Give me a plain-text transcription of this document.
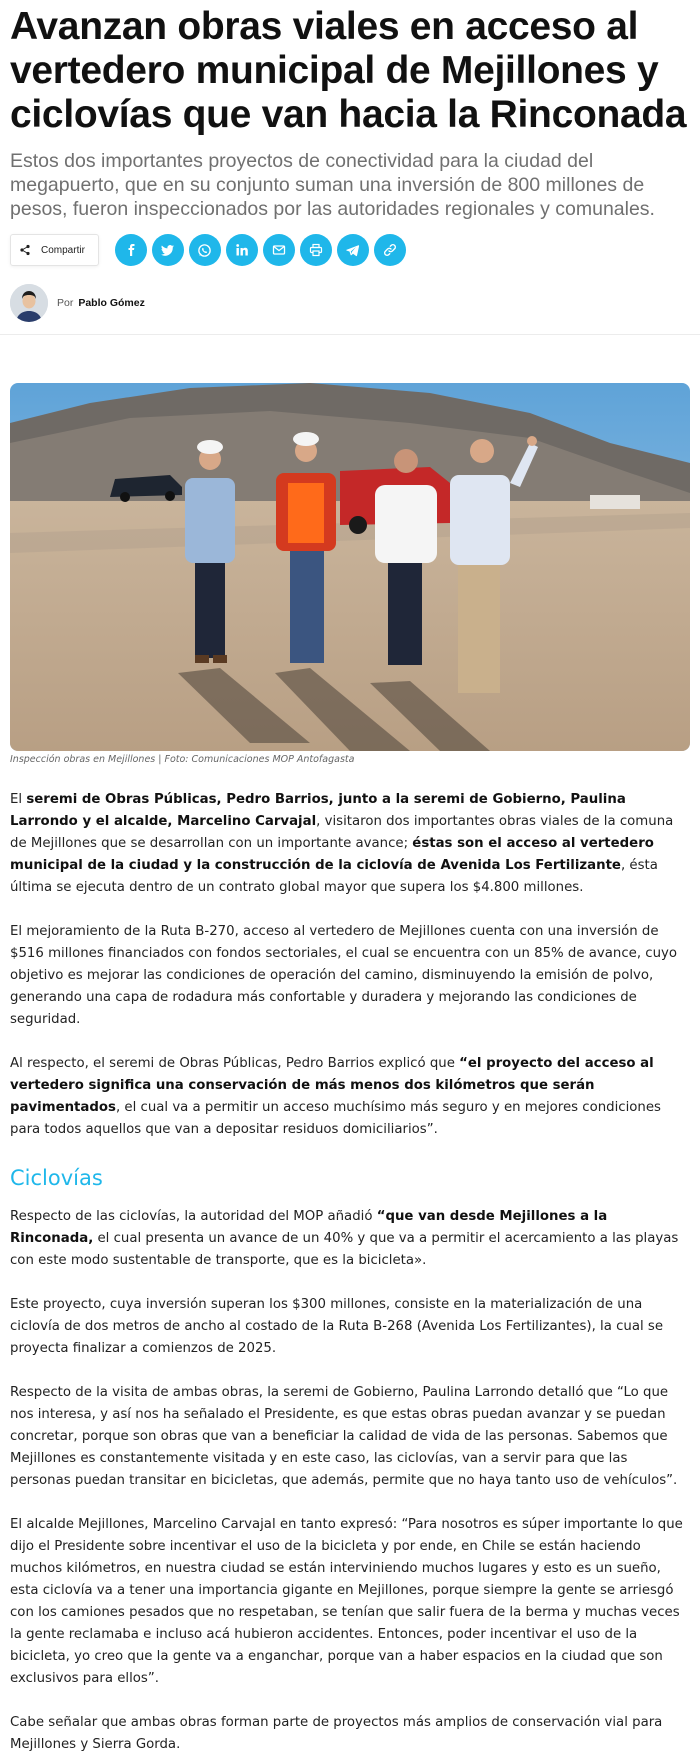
Avanzan obras viales en acceso al vertedero municipal de Mejillones y ciclovías que van hacia la Rinconada

Estos dos importantes proyectos de conectividad para la ciudad del megapuerto, que en su conjunto suman una inversión de 800 millones de pesos, fueron inspeccionados por las autoridades regionales y comunales.

Compartir
Por Pablo Gómez
Inspección obras en Mejillones | Foto: Comunicaciones MOP Antofagasta

El seremi de Obras Públicas, Pedro Barrios, junto a la seremi de Gobierno, Paulina Larrondo y el alcalde, Marcelino Carvajal, visitaron dos importantes obras viales de la comuna de Mejillones que se desarrollan con un importante avance; éstas son el acceso al vertedero municipal de la ciudad y la construcción de la ciclovía de Avenida Los Fertilizante, ésta última se ejecuta dentro de un contrato global mayor que supera los $4.800 millones.

El mejoramiento de la Ruta B-270, acceso al vertedero de Mejillones cuenta con una inversión de $516 millones financiados con fondos sectoriales, el cual se encuentra con un 85% de avance, cuyo objetivo es mejorar las condiciones de operación del camino, disminuyendo la emisión de polvo, generando una capa de rodadura más confortable y duradera y mejorando las condiciones de seguridad.

Al respecto, el seremi de Obras Públicas, Pedro Barrios explicó que “el proyecto del acceso al vertedero significa una conservación de más menos dos kilómetros que serán pavimentados, el cual va a permitir un acceso muchísimo más seguro y en mejores condiciones para todos aquellos que van a depositar residuos domiciliarios”.

Ciclovías

Respecto de las ciclovías, la autoridad del MOP añadió “que van desde Mejillones a la Rinconada, el cual presenta un avance de un 40% y que va a permitir el acercamiento a las playas con este modo sustentable de transporte, que es la bicicleta».

Este proyecto, cuya inversión superan los $300 millones, consiste en la materialización de una ciclovía de dos metros de ancho al costado de la Ruta B-268 (Avenida Los Fertilizantes), la cual se proyecta finalizar a comienzos de 2025.

Respecto de la visita de ambas obras, la seremi de Gobierno, Paulina Larrondo detalló que “Lo que nos interesa, y así nos ha señalado el Presidente, es que estas obras puedan avanzar y se puedan concretar, porque son obras que van a beneficiar la calidad de vida de las personas. Sabemos que Mejillones es constantemente visitada y en este caso, las ciclovías, van a servir para que las personas puedan transitar en bicicletas, que además, permite que no haya tanto uso de vehículos”.

El alcalde Mejillones, Marcelino Carvajal en tanto expresó: “Para nosotros es súper importante lo que dijo el Presidente sobre incentivar el uso de la bicicleta y por ende, en Chile se están haciendo muchos kilómetros, en nuestra ciudad se están interviniendo muchos lugares y esto es un sueño, esta ciclovía va a tener una importancia gigante en Mejillones, porque siempre la gente se arriesgó con los camiones pesados que no respetaban, se tenían que salir fuera de la berma y muchas veces la gente reclamaba e incluso acá hubieron accidentes. Entonces, poder incentivar el uso de la bicicleta, yo creo que la gente va a enganchar, porque van a haber espacios en la ciudad que son exclusivos para ellos”.

Cabe señalar que ambas obras forman parte de proyectos más amplios de conservación vial para Mejillones y Sierra Gorda.
